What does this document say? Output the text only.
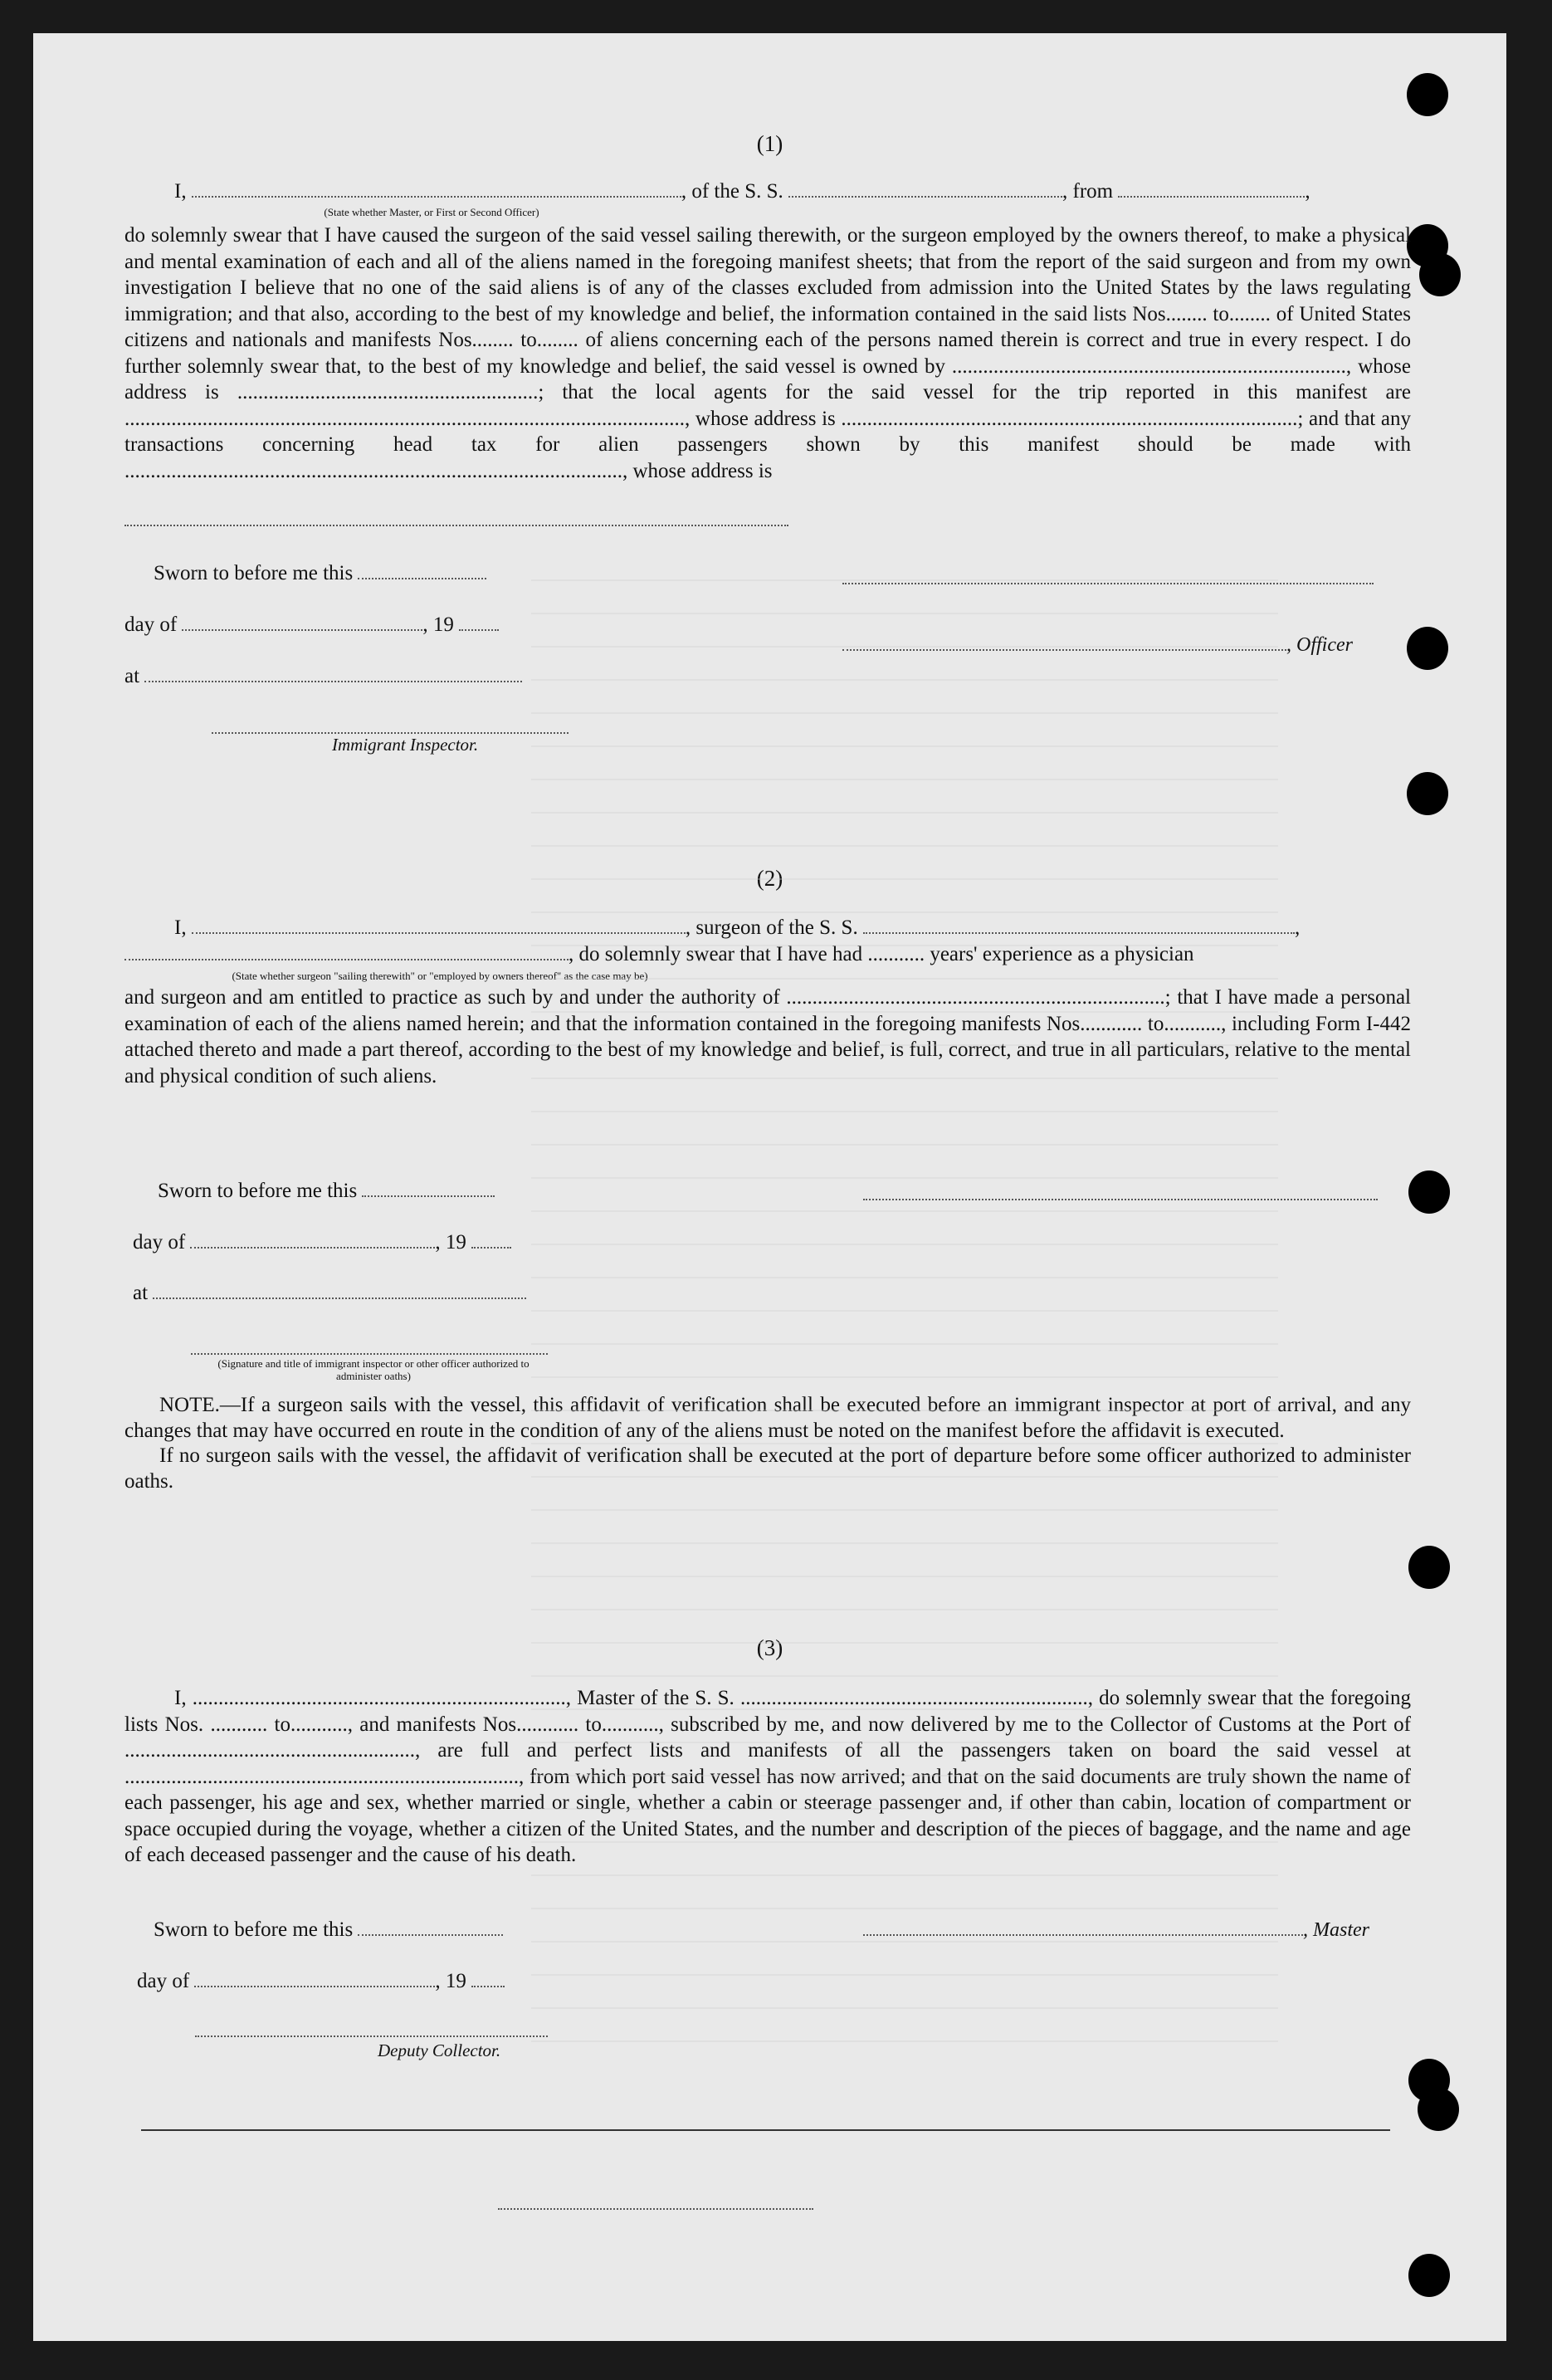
(1)
I,	, of the S. S.	, from	,
(State whether Master, or First or Second Officer)

do solemnly swear that I have caused the surgeon of the said vessel sailing therewith, or the surgeon employed by the owners thereof, to make a physical and mental examination of each and all of the aliens named in the foregoing manifest sheets; that from the report of the said surgeon and from my own investigation I believe that no one of the said aliens is of any of the classes excluded from admission into the United States by the laws regulating immigration; and that also, according to the best of my knowledge and belief, the information contained in the said lists Nos........ to........ of United States citizens and nationals and manifests Nos........ to........ of aliens concerning each of the persons named therein is correct and true in every respect. I do further solemnly swear that, to the best of my knowledge and belief, the said vessel is owned by ............................................................................, whose address is ..........................................................; that the local agents for the said vessel for the trip reported in this manifest are ............................................................................................................, whose address is ........................................................................................; and that any transactions concerning head tax for alien passengers shown by this manifest should be made with ................................................................................................, whose address is

Sworn to before me this
day of	, 19
at
Immigrant Inspector.
, Officer
(2)
I,	, surgeon of the S. S.	,
, do solemnly swear that I have had ........... years' experience as a physician
(State whether surgeon "sailing therewith" or "employed by owners thereof" as the case may be)

and surgeon and am entitled to practice as such by and under the authority of .........................................................................; that I have made a personal examination of each of the aliens named herein; and that the information contained in the foregoing manifests Nos............ to..........., including Form I-442 attached thereto and made a part thereof, according to the best of my knowledge and belief, is full, correct, and true in all particulars, relative to the mental and physical condition of such aliens.

Sworn to before me this
day of	, 19
at
(Signature and title of immigrant inspector or other officer authorized to administer oaths)

NOTE.—If a surgeon sails with the vessel, this affidavit of verification shall be executed before an immigrant inspector at port of arrival, and any changes that may have occurred en route in the condition of any of the aliens must be noted on the manifest before the affidavit is executed.

If no surgeon sails with the vessel, the affidavit of verification shall be executed at the port of departure before some officer authorized to administer oaths.

(3)

I, ........................................................................, Master of the S. S. ..................................................................., do solemnly swear that the foregoing lists Nos. ........... to..........., and manifests Nos............ to..........., subscribed by me, and now delivered by me to the Collector of Customs at the Port of ........................................................, are full and perfect lists and manifests of all the passengers taken on board the said vessel at ............................................................................, from which port said vessel has now arrived; and that on the said documents are truly shown the name of each passenger, his age and sex, whether married or single, whether a cabin or steerage passenger and, if other than cabin, location of compartment or space occupied during the voyage, whether a citizen of the United States, and the number and description of the pieces of baggage, and the name and age of each deceased passenger and the cause of his death.

Sworn to before me this	, Master
day of	, 19
Deputy Collector.
